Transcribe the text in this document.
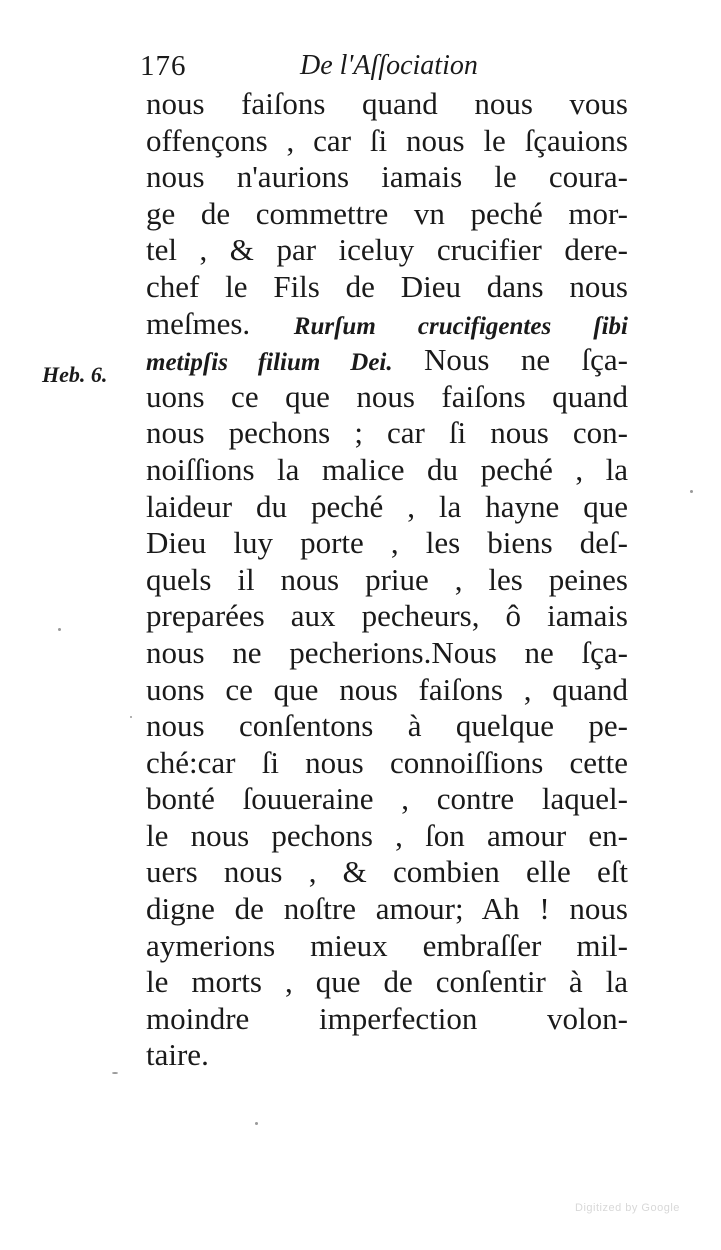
176	De l'Aſſociation
Heb. 6.
nous faiſons quand nous vous
offençons , car ſi nous le ſçauions
nous n'aurions iamais le coura-
ge de commettre vn peché mor-
tel , & par iceluy crucifier dere-
chef le Fils de Dieu dans nous
meſmes. Rurſum crucifigentes ſibi
metipſis filium Dei. Nous ne ſça-
uons ce que nous faiſons quand
nous pechons ; car ſi nous con-
noiſſions la malice du peché , la
laideur du peché , la hayne que
Dieu luy porte , les biens deſ-
quels il nous priue , les peines
preparées aux pecheurs, ô iamais
nous ne pecherions.Nous ne ſça-
uons ce que nous faiſons , quand
nous conſentons à quelque pe-
ché:car ſi nous connoiſſions cette
bonté ſouueraine , contre laquel-
le nous pechons , ſon amour en-
uers nous , & combien elle eſt
digne de noſtre amour; Ah ! nous
aymerions mieux embraſſer mil-
le morts , que de conſentir à la
moindre imperfection volon-
taire.
Digitized by Google
